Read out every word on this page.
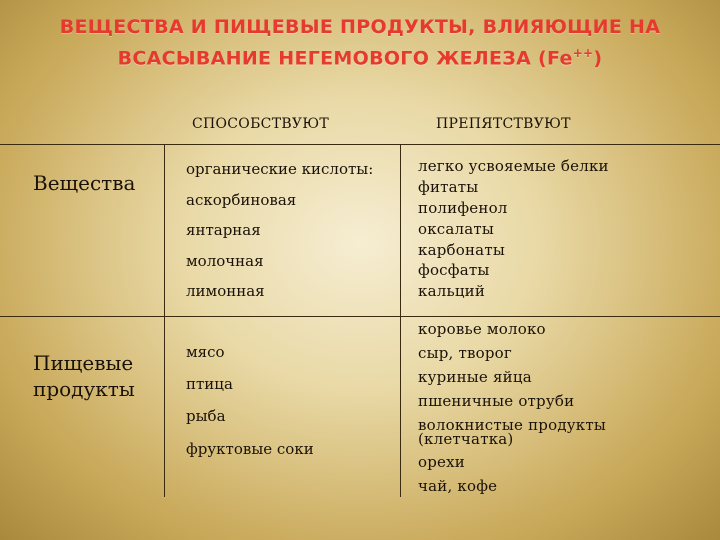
ВЕЩЕСТВА И ПИЩЕВЫЕ ПРОДУКТЫ, ВЛИЯЮЩИЕ НА
ВСАСЫВАНИЕ НЕГЕМОВОГО ЖЕЛЕЗА (Fe++)
СПОСОБСТВУЮТ	ПРЕПЯТСТВУЮТ
Вещества
органические кислоты:
аскорбиновая
янтарная
молочная
лимонная
легко усвояемые белки
фитаты
полифенол
оксалаты
карбонаты
фосфаты
кальций
Пищевые
продукты
мясо
птица
рыба
фруктовые соки
коровье молоко
сыр, творог
куриные яйца
пшеничные отруби
волокнистые продукты
(клетчатка)
орехи
чай, кофе
